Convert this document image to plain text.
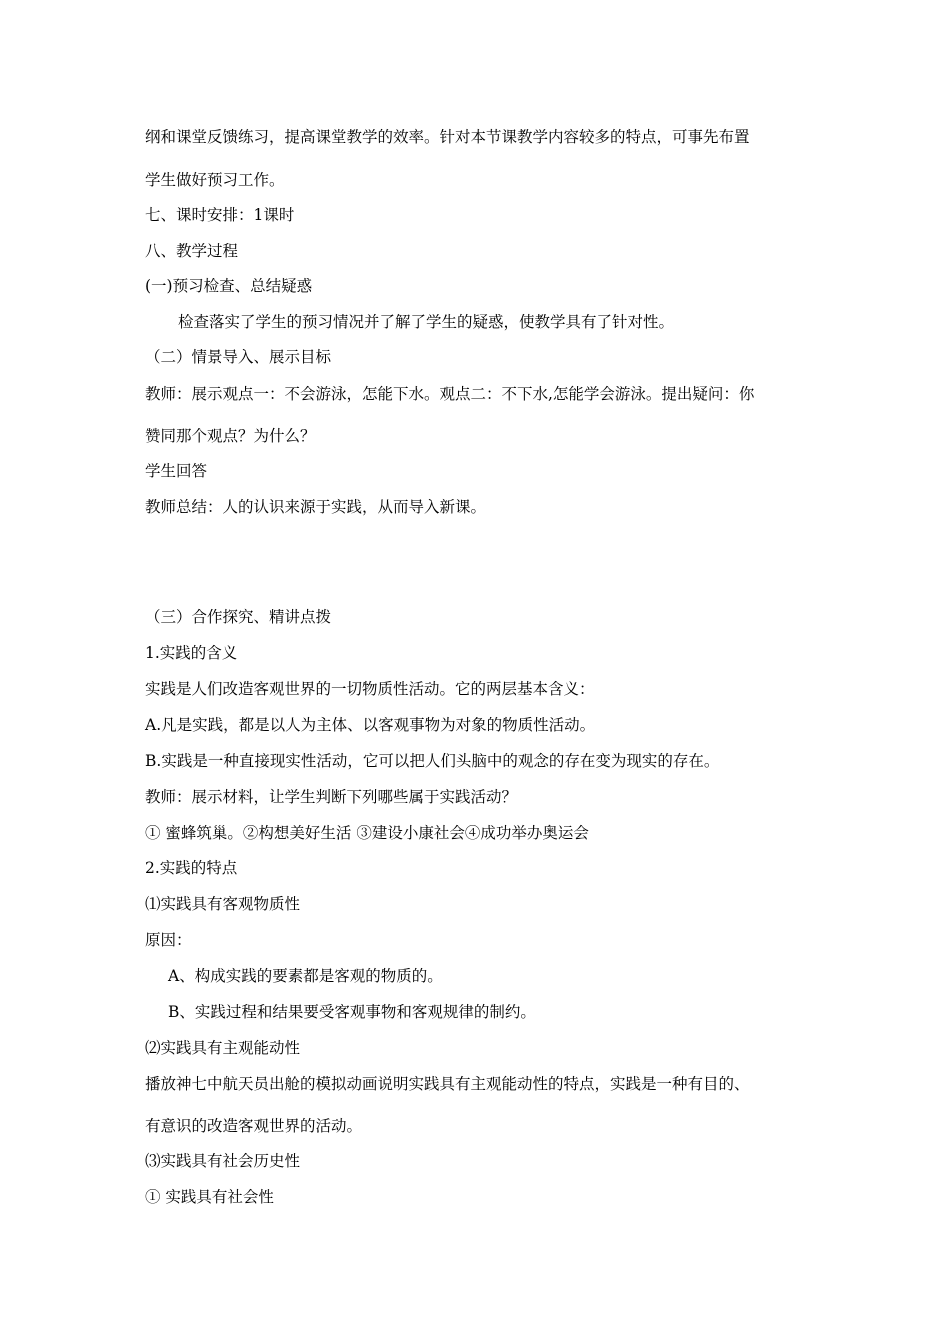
纲和课堂反馈练习，提高课堂教学的效率。针对本节课教学内容较多的特点，可事先布置
学生做好预习工作。
七、课时安排：1课时
八、教学过程
(一)预习检查、总结疑惑
检查落实了学生的预习情况并了解了学生的疑惑，使教学具有了针对性。
（二）情景导入、展示目标
教师：展示观点一：不会游泳，怎能下水。观点二：不下水,怎能学会游泳。提出疑问：你
赞同那个观点？为什么？
学生回答
教师总结：人的认识来源于实践，从而导入新课。
（三）合作探究、精讲点拨
1.实践的含义
实践是人们改造客观世界的一切物质性活动。它的两层基本含义：
A.凡是实践，都是以人为主体、以客观事物为对象的物质性活动。
B.实践是一种直接现实性活动，它可以把人们头脑中的观念的存在变为现实的存在。
教师：展示材料，让学生判断下列哪些属于实践活动？
① 蜜蜂筑巢。②构想美好生活 ③建设小康社会④成功举办奥运会
2.实践的特点
⑴实践具有客观物质性
原因：
A、构成实践的要素都是客观的物质的。
B、实践过程和结果要受客观事物和客观规律的制约。
⑵实践具有主观能动性
播放神七中航天员出舱的模拟动画说明实践具有主观能动性的特点，实践是一种有目的、
有意识的改造客观世界的活动。
⑶实践具有社会历史性
① 实践具有社会性
